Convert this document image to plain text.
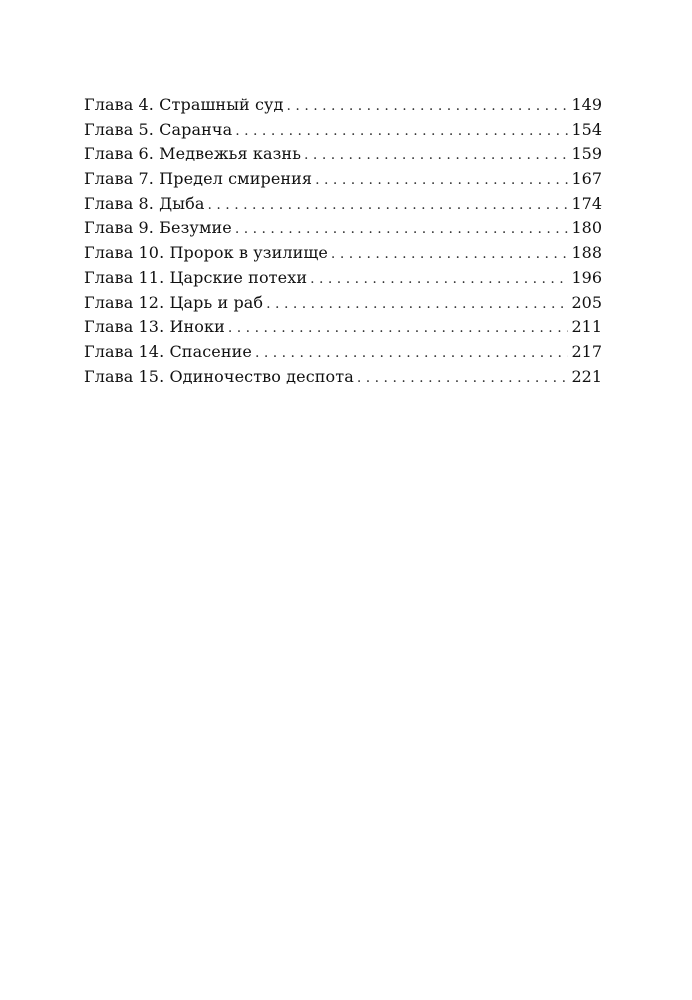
Глава 4. Страшный суд . . .	149
Глава 5. Саранча . . .	154
Глава 6. Медвежья казнь . . .	159
Глава 7. Предел смирения . . .	167
Глава 8. Дыба . . .	174
Глава 9. Безумие . . .	180
Глава 10. Пророк в узилище . . .	188
Глава 11. Царские потехи . . .	196
Глава 12. Царь и раб . . .	205
Глава 13. Иноки . . .	211
Глава 14. Спасение . . .	217
Глава 15. Одиночество деспота . . .	221
